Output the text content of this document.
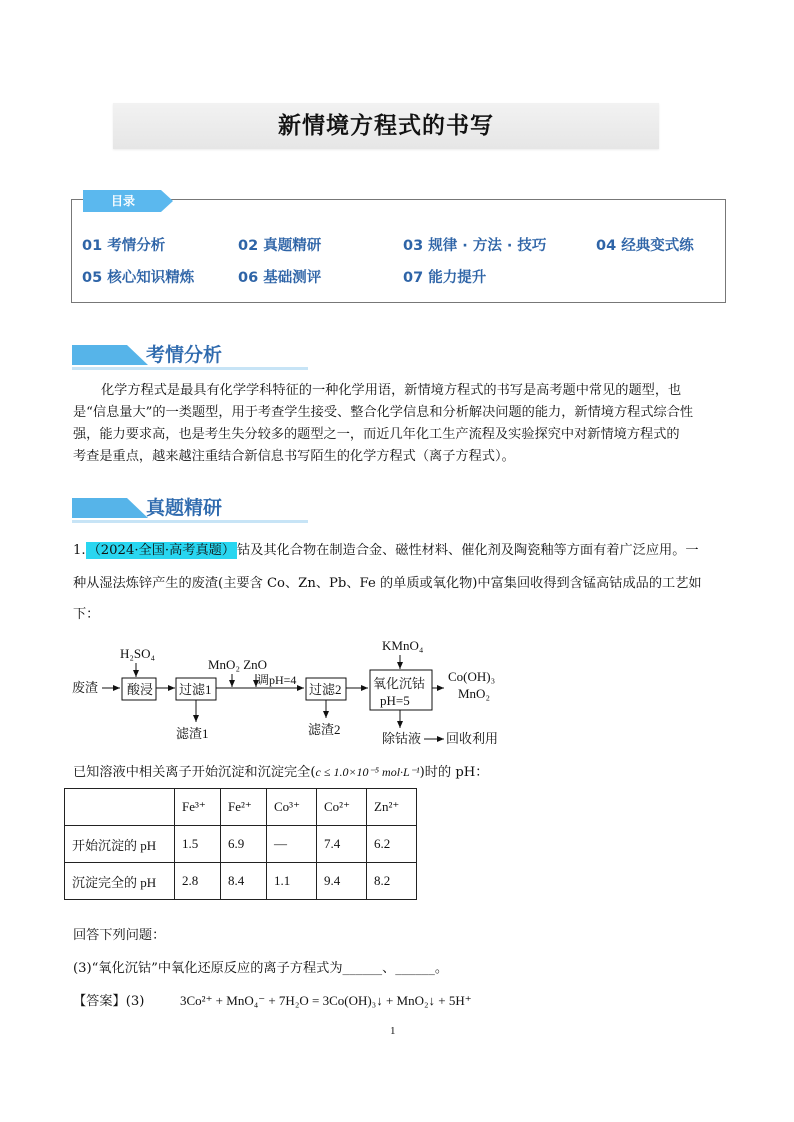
新情境方程式的书写
目录
01 考情分析	02 真题精研	03 规律 · 方法 · 技巧	04 经典变式练
05 核心知识精炼	06 基础测评	07 能力提升
考情分析
化学方程式是最具有化学学科特征的一种化学用语，新情境方程式的书写是高考题中常见的题型，也
是“信息量大”的一类题型，用于考查学生接受、整合化学信息和分析解决问题的能力，新情境方程式综合性
强，能力要求高，也是考生失分较多的题型之一，而近几年化工生产流程及实验探究中对新情境方程式的
考查是重点，越来越注重结合新信息书写陌生的化学方程式（离子方程式）。
真题精研
1. （2024·全国·高考真题） 钴及其化合物在制造合金、磁性材料、催化剂及陶瓷釉等方面有着广泛应用。一
种从湿法炼锌产生的废渣(主要含 Co、Zn、Pb、Fe 的单质或氧化物)中富集回收得到含锰高钴成品的工艺如
下：
废渣
H₂SO₄
酸浸 过滤1
滤渣1
MnO₂ ZnO
调pH=4
过滤2
滤渣2
KMnO₄
氧化沉钴
pH=5
Co(OH)₃
MnO₂
除钴液 回收利用
已知溶液中相关离子开始沉淀和沉淀完全(c ≤ 1.0×10⁻⁵ mol·L⁻¹)时的 pH：
	Fe³⁺	Fe²⁺	Co³⁺	Co²⁺	Zn²⁺
开始沉淀的 pH	1.5	6.9	—	7.4	6.2
沉淀完全的 pH	2.8	8.4	1.1	9.4	8.2
回答下列问题：
(3)“氧化沉钴”中氧化还原反应的离子方程式为______、______。
【答案】(3)	3Co²⁺ + MnO₄⁻ + 7H₂O = 3Co(OH)₃↓ + MnO₂↓ + 5H⁺
1
